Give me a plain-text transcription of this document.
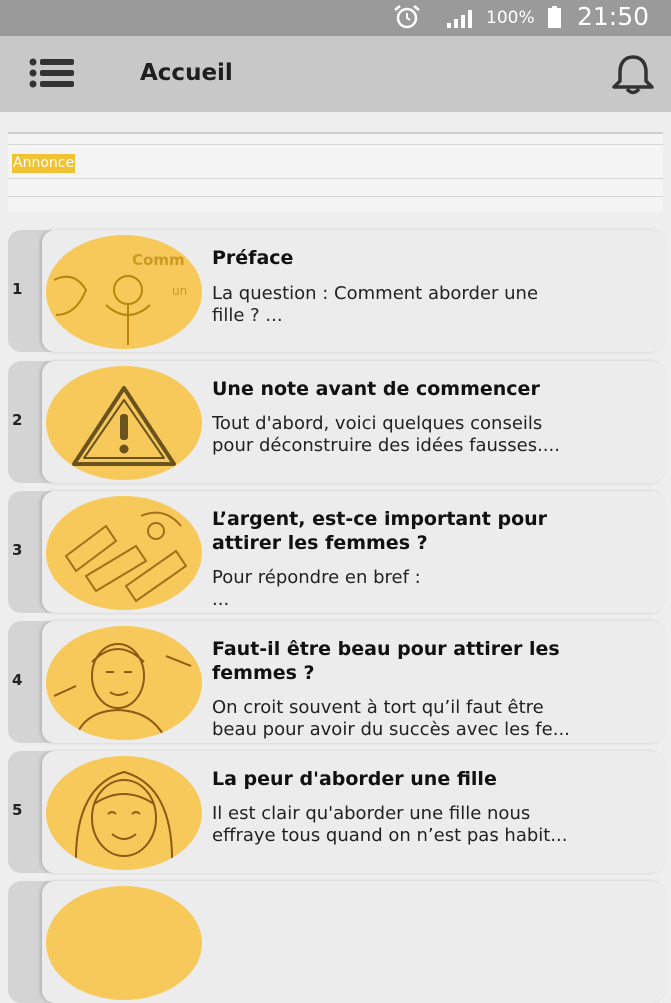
100% 21:50
Accueil
Annonce
1
Comm
un
Préface
La question : Comment aborder une
fille ? ...
2
Une note avant de commencer
Tout d'abord, voici quelques conseils
pour déconstruire des idées fausses....
3
L’argent, est-ce important pour
attirer les femmes ?
Pour répondre en bref :
...
4
Faut-il être beau pour attirer les
femmes ?
On croit souvent à tort qu’il faut être
beau pour avoir du succès avec les fe...
5
La peur d'aborder une fille
Il est clair qu'aborder une fille nous
effraye tous quand on n’est pas habit...
